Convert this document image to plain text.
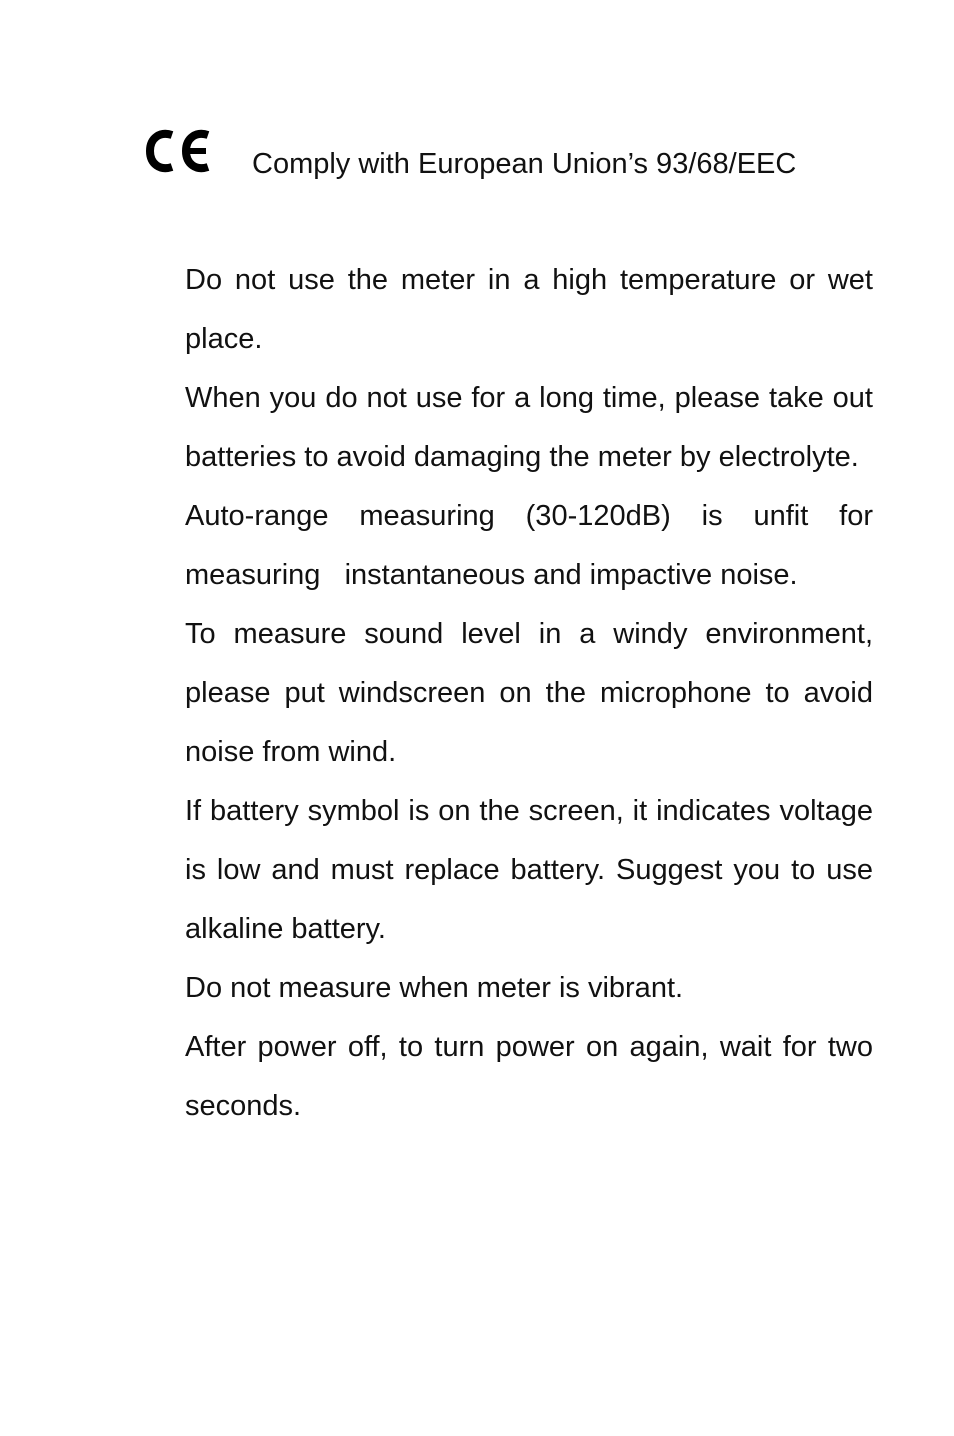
Comply with European Union’s 93/68/EEC
Do not use the meter in a high temperature or wet place.
When you do not use for a long time, please take out batteries to avoid damaging the meter by electrolyte.
Auto-range measuring (30-120dB) is unfit for measuring   instantaneous and impactive noise.
To measure sound level in a windy environment, please put windscreen on the microphone to avoid noise from wind.
If battery symbol is on the screen, it indicates voltage is low and must replace battery. Suggest you to use alkaline battery.
Do not measure when meter is vibrant.
After power off, to turn power on again, wait for two seconds.
